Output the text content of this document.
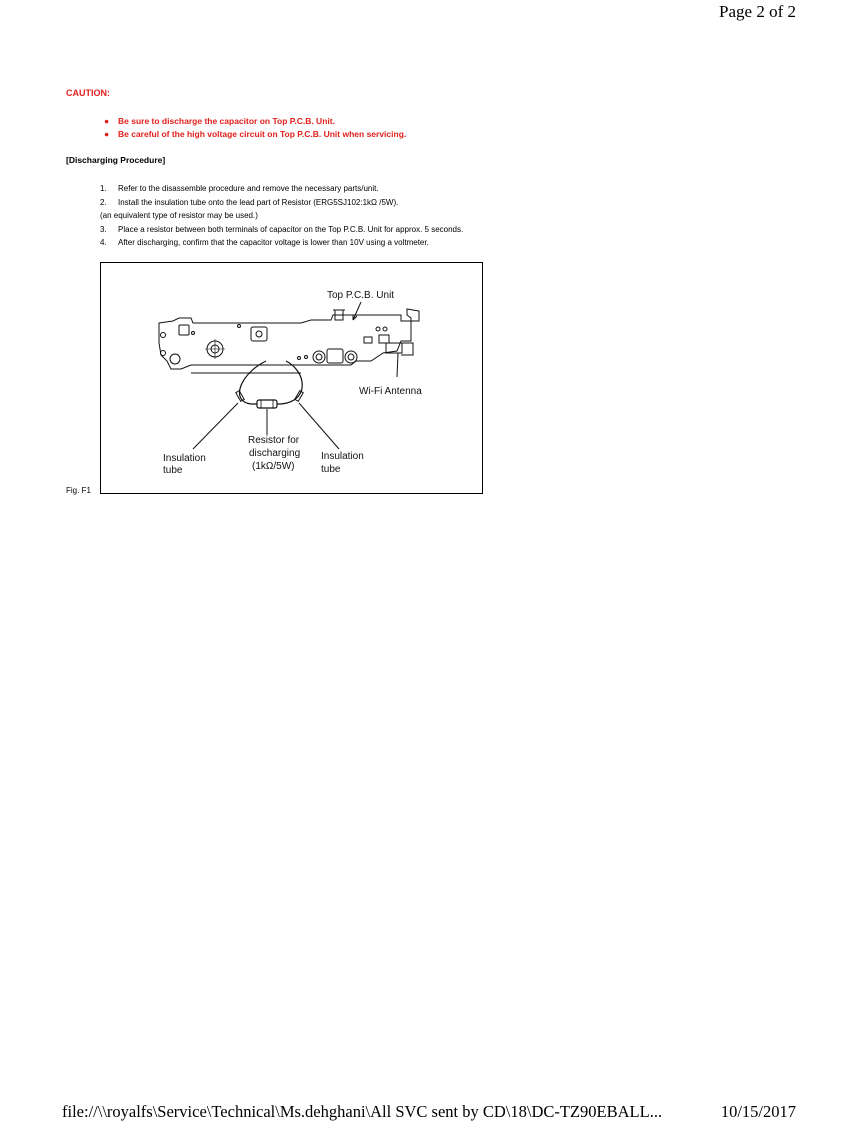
Page 2 of 2
CAUTION:
● Be sure to discharge the capacitor on Top P.C.B. Unit.
● Be careful of the high voltage circuit on Top P.C.B. Unit when servicing.
[Discharging Procedure]
1.	Refer to the disassemble procedure and remove the necessary parts/unit.
2.	Install the insulation tube onto the lead part of Resistor (ERG5SJ102:1kΩ /5W).
(an equivalent type of resistor may be used.)
3.	Place a resistor between both terminals of capacitor on the Top P.C.B. Unit for approx. 5 seconds.
4.	After discharging, confirm that the capacitor voltage is lower than 10V using a voltmeter.
Top P.C.B. Unit
Wi-Fi Antenna
Insulation
tube
Resistor for
discharging
(1kΩ/5W)
Insulation
tube
Fig. F1
file://\\royalfs\Service\Technical\Ms.dehghani\All SVC sent by CD\18\DC-TZ90EBALL...	10/15/2017
